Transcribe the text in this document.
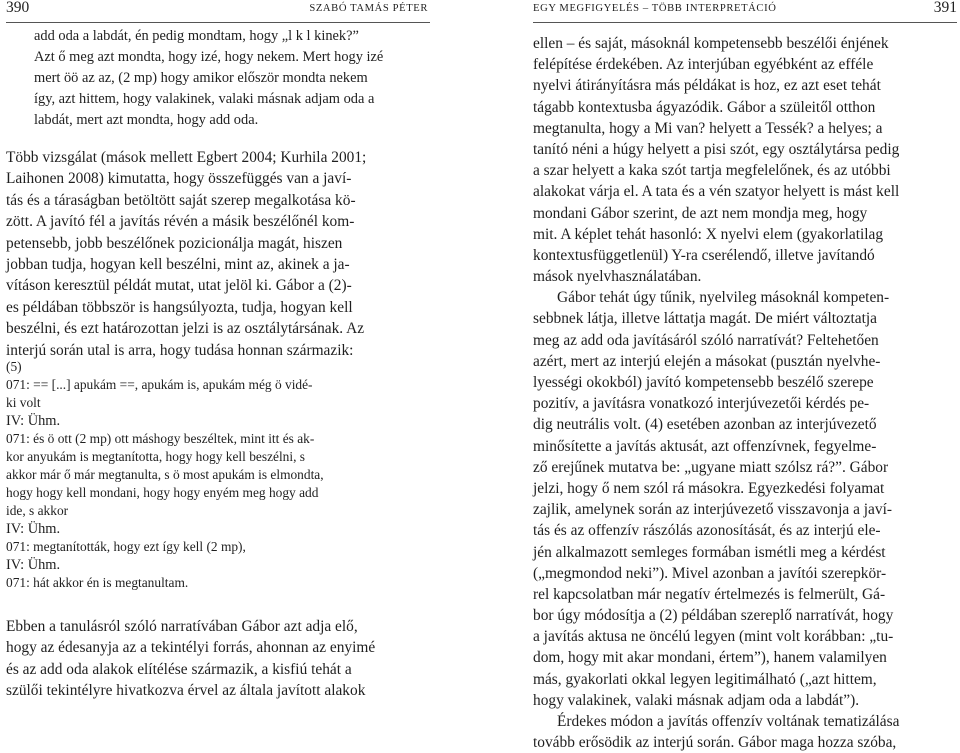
390	SZABÓ TAMÁS PÉTER
add oda a labdát, én pedig mondtam, hogy „l k l kinek?”
Azt ő meg azt mondta, hogy izé, hogy nekem. Mert hogy izé
mert öö az az, (2 mp) hogy amikor először mondta nekem
így, azt hittem, hogy valakinek, valaki másnak adjam oda a
labdát, mert azt mondta, hogy add oda.
Több vizsgálat (mások mellett Egbert 2004; Kurhila 2001;
Laihonen 2008) kimutatta, hogy összefüggés van a javí-
tás és a táraságban betöltött saját szerep megalkotása kö-
zött. A javító fél a javítás révén a másik beszélőnél kom-
petensebb, jobb beszélőnek pozicionálja magát, hiszen
jobban tudja, hogyan kell beszélni, mint az, akinek a ja-
vításon keresztül példát mutat, utat jelöl ki. Gábor a (2)-
es példában többször is hangsúlyozta, tudja, hogyan kell
beszélni, és ezt határozottan jelzi is az osztálytársának. Az
interjú során utal is arra, hogy tudása honnan származik:
(5)
071: == [...] apukám ==, apukám is, apukám még ö vidé-
ki volt
IV: Ühm.
071: és ö ott (2 mp) ott máshogy beszéltek, mint itt és ak-
kor anyukám is megtanította, hogy hogy kell beszélni, s
akkor már ő már megtanulta, s ö most apukám is elmondta,
hogy hogy kell mondani, hogy hogy enyém meg hogy add
ide, s akkor
IV: Ühm.
071: megtanították, hogy ezt így kell (2 mp),
IV: Ühm.
071: hát akkor én is megtanultam.
Ebben a tanulásról szóló narratívában Gábor azt adja elő,
hogy az édesanyja az a tekintélyi forrás, ahonnan az enyimé
és az add oda alakok elítélése származik, a kisfiú tehát a
szülői tekintélyre hivatkozva érvel az általa javított alakok
EGY MEGFIGYELÉS – TÖBB INTERPRETÁCIÓ	391
ellen – és saját, másoknál kompetensebb beszélői énjének
felépítése érdekében. Az interjúban egyébként az efféle
nyelvi átirányításra más példákat is hoz, ez azt eset tehát
tágabb kontextusba ágyazódik. Gábor a szüleitől otthon
megtanulta, hogy a Mi van? helyett a Tessék? a helyes; a
tanító néni a húgy helyett a pisi szót, egy osztálytársa pedig
a szar helyett a kaka szót tartja megfelelőnek, és az utóbbi
alakokat várja el. A tata és a vén szatyor helyett is mást kell
mondani Gábor szerint, de azt nem mondja meg, hogy
mit. A képlet tehát hasonló: X nyelvi elem (gyakorlatilag
kontextusfüggetlenül) Y-ra cserélendő, illetve javítandó
mások nyelvhasználatában.
Gábor tehát úgy tűnik, nyelvileg másoknál kompeten-
sebbnek látja, illetve láttatja magát. De miért változtatja
meg az add oda javításáról szóló narratívát? Feltehetően
azért, mert az interjú elején a másokat (pusztán nyelvhe-
lyességi okokból) javító kompetensebb beszélő szerepe
pozitív, a javításra vonatkozó interjúvezetői kérdés pe-
dig neutrális volt. (4) esetében azonban az interjúvezető
minősítette a javítás aktusát, azt offenzívnek, fegyelme-
ző erejűnek mutatva be: „ugyane miatt szólsz rá?”. Gábor
jelzi, hogy ő nem szól rá másokra. Egyezkedési folyamat
zajlik, amelynek során az interjúvezető visszavonja a javí-
tás és az offenzív rászólás azonosítását, és az interjú ele-
jén alkalmazott semleges formában ismétli meg a kérdést
(„megmondod neki”). Mivel azonban a javítói szerepkör-
rel kapcsolatban már negatív értelmezés is felmerült, Gá-
bor úgy módosítja a (2) példában szereplő narratívát, hogy
a javítás aktusa ne öncélú legyen (mint volt korábban: „tu-
dom, hogy mit akar mondani, értem”), hanem valamilyen
más, gyakorlati okkal legyen legitimálható („azt hittem,
hogy valakinek, valaki másnak adjam oda a labdát”).
Érdekes módon a javítás offenzív voltának tematizálása
tovább erősödik az interjú során. Gábor maga hozza szóba,
